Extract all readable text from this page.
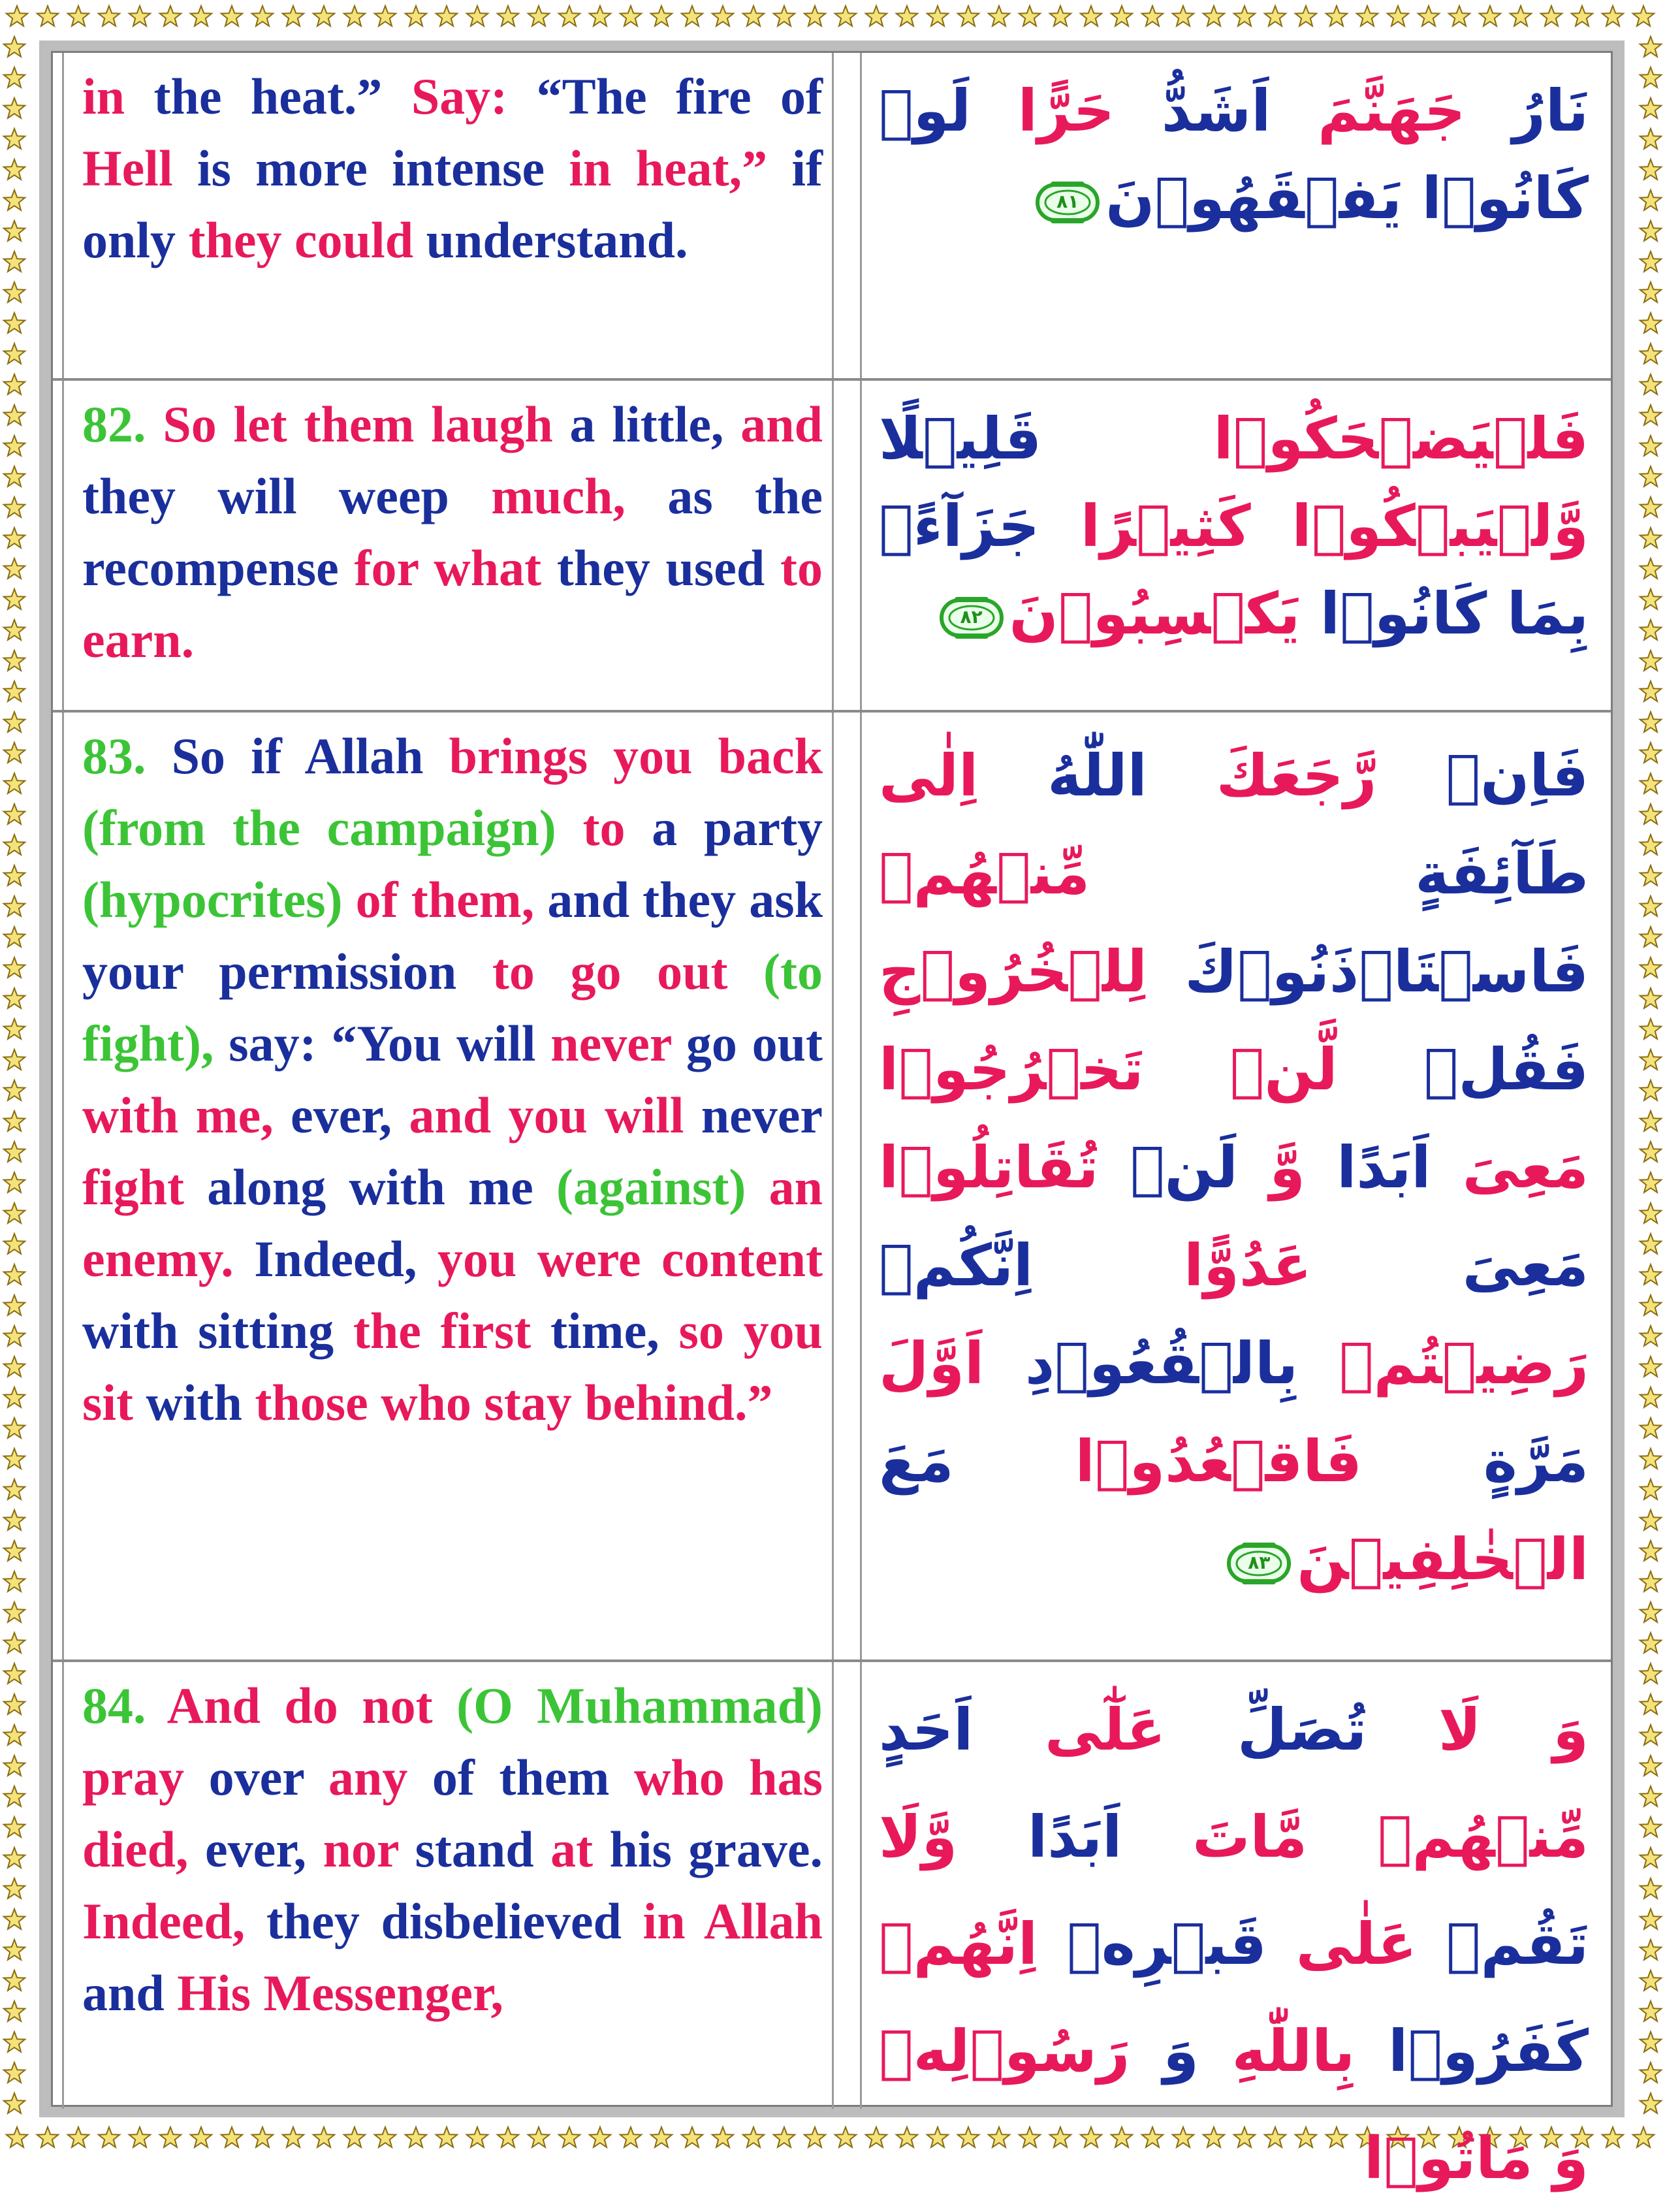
in the heat.” Say: “The fire of Hell is more intense in heat,” if only they could understand.
نَارُ جَهَنَّمَ اَشَدُّ حَرًّا لَوۡ كَانُوۡا يَفۡقَهُوۡنَ
٨١
82. So let them laugh a little, and they will weep much, as the recompense for what they used to earn.
فَلۡيَضۡحَكُوۡا قَلِيۡلًا وَّلۡيَبۡكُوۡا كَثِيۡرًا جَزَآءًۢ بِمَا كَانُوۡا يَكۡسِبُوۡنَ
٨٢
83. So if Allah brings you back (from the campaign) to a party (hypocrites) of them, and they ask your permission to go out (to fight), say: “You will never go out with me, ever, and you will never fight along with me (against) an enemy. Indeed, you were content with sitting the first time, so you sit with those who stay behind.”
فَاِنۡ رَّجَعَكَ اللّٰهُ اِلٰى طَآئِفَةٍ مِّنۡهُمۡ فَاسۡتَاۡذَنُوۡكَ لِلۡخُرُوۡجِ فَقُلۡ لَّنۡ تَخۡرُجُوۡا مَعِىَ اَبَدًا وَّ لَنۡ تُقَاتِلُوۡا مَعِىَ عَدُوًّا اِنَّكُمۡ رَضِيۡتُمۡ بِالۡقُعُوۡدِ اَوَّلَ مَرَّةٍ فَاقۡعُدُوۡا مَعَ الۡخٰلِفِيۡنَ
٨٣
84. And do not (O Muhammad) pray over any of them who has died, ever, nor stand at his grave. Indeed, they disbelieved in Allah and His Messenger,
وَ لَا تُصَلِّ عَلٰٓى اَحَدٍ مِّنۡهُمۡ مَّاتَ اَبَدًا وَّلَا تَقُمۡ عَلٰى قَبۡرِهٖ اِنَّهُمۡ كَفَرُوۡا بِاللّٰهِ وَ رَسُوۡلِهٖ وَ مَاتُوۡا
